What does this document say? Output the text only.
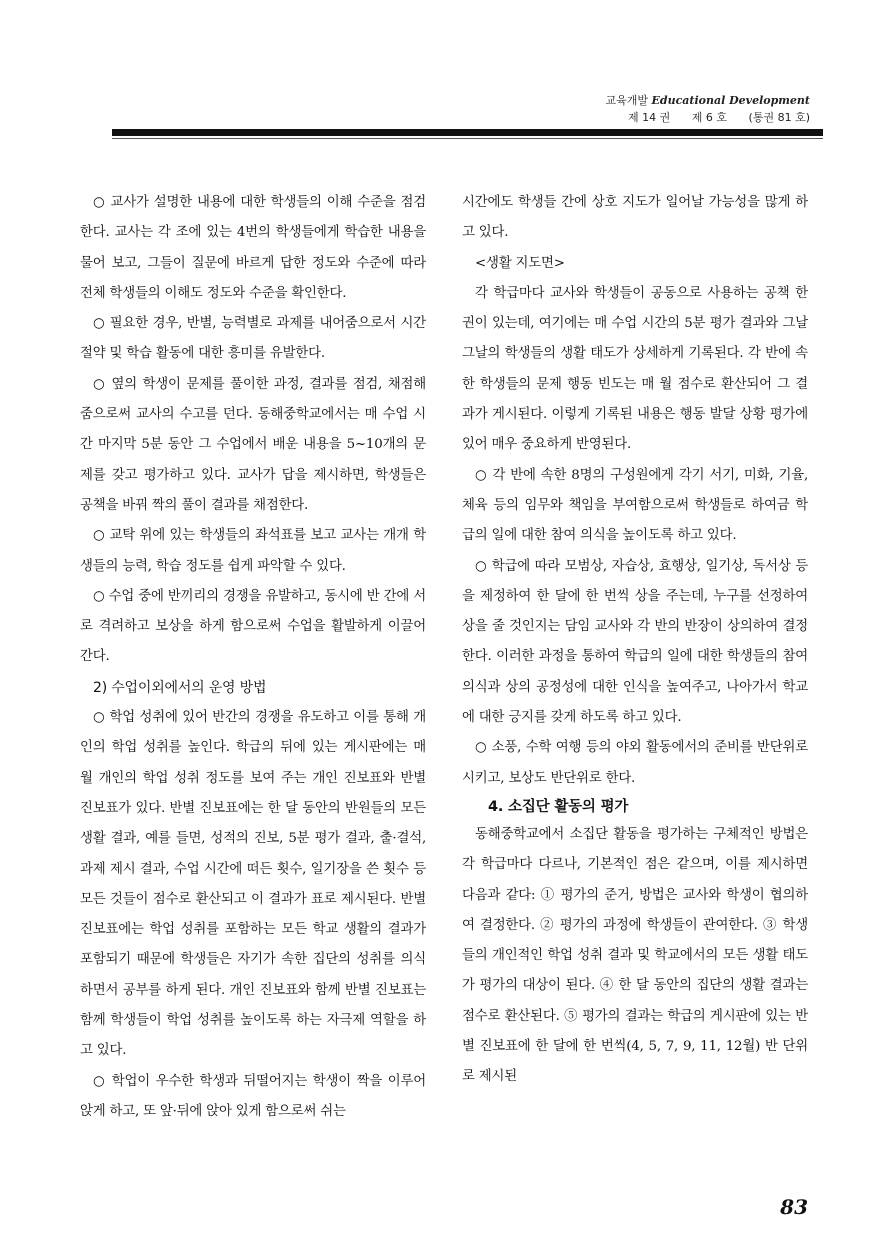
교육개발 Educational Development
제 14 권 제 6 호 (통권 81 호)

○ 교사가 설명한 내용에 대한 학생들의 이해 수준을 점검한다. 교사는 각 조에 있는 4번의 학생들에게 학습한 내용을 물어 보고, 그들이 질문에 바르게 답한 정도와 수준에 따라 전체 학생들의 이해도 정도와 수준을 확인한다.

○ 필요한 경우, 반별, 능력별로 과제를 내어줌으로서 시간 절약 및 학습 활동에 대한 흥미를 유발한다.

○ 옆의 학생이 문제를 풀이한 과정, 결과를 점검, 채점해 줌으로써 교사의 수고를 던다. 동해중학교에서는 매 수업 시간 마지막 5분 동안 그 수업에서 배운 내용을 5~10개의 문제를 갖고 평가하고 있다. 교사가 답을 제시하면, 학생들은 공책을 바꿔 짝의 풀이 결과를 채점한다.

○ 교탁 위에 있는 학생들의 좌석표를 보고 교사는 개개 학생들의 능력, 학습 정도를 쉽게 파악할 수 있다.

○ 수업 중에 반끼리의 경쟁을 유발하고, 동시에 반 간에 서로 격려하고 보상을 하게 함으로써 수업을 활발하게 이끌어 간다.

2) 수업이외에서의 운영 방법

○ 학업 성취에 있어 반간의 경쟁을 유도하고 이를 통해 개인의 학업 성취를 높인다. 학급의 뒤에 있는 게시판에는 매 월 개인의 학업 성취 정도를 보여 주는 개인 진보표와 반별 진보표가 있다. 반별 진보표에는 한 달 동안의 반원들의 모든 생활 결과, 예를 들면, 성적의 진보, 5분 평가 결과, 출·결석, 과제 제시 결과, 수업 시간에 떠든 횟수, 일기장을 쓴 횟수 등 모든 것들이 점수로 환산되고 이 결과가 표로 제시된다. 반별 진보표에는 학업 성취를 포함하는 모든 학교 생활의 결과가 포함되기 때문에 학생들은 자기가 속한 집단의 성취를 의식하면서 공부를 하게 된다. 개인 진보표와 함께 반별 진보표는 함께 학생들이 학업 성취를 높이도록 하는 자극제 역할을 하고 있다.

○ 학업이 우수한 학생과 뒤떨어지는 학생이 짝을 이루어 앉게 하고, 또 앞·뒤에 앉아 있게 함으로써 쉬는

시간에도 학생들 간에 상호 지도가 일어날 가능성을 많게 하고 있다.

<생활 지도면>

각 학급마다 교사와 학생들이 공동으로 사용하는 공책 한 권이 있는데, 여기에는 매 수업 시간의 5분 평가 결과와 그날 그날의 학생들의 생활 태도가 상세하게 기록된다. 각 반에 속한 학생들의 문제 행동 빈도는 매 월 점수로 환산되어 그 결과가 게시된다. 이렇게 기록된 내용은 행동 발달 상황 평가에 있어 매우 중요하게 반영된다.

○ 각 반에 속한 8명의 구성원에게 각기 서기, 미화, 기율, 체육 등의 임무와 책임을 부여함으로써 학생들로 하여금 학급의 일에 대한 참여 의식을 높이도록 하고 있다.

○ 학급에 따라 모범상, 자습상, 효행상, 일기상, 독서상 등을 제정하여 한 달에 한 번씩 상을 주는데, 누구를 선정하여 상을 줄 것인지는 담임 교사와 각 반의 반장이 상의하여 결정한다. 이러한 과정을 통하여 학급의 일에 대한 학생들의 참여 의식과 상의 공정성에 대한 인식을 높여주고, 나아가서 학교에 대한 긍지를 갖게 하도록 하고 있다.

○ 소풍, 수학 여행 등의 야외 활동에서의 준비를 반단위로 시키고, 보상도 반단위로 한다.

4. 소집단 활동의 평가

동해중학교에서 소집단 활동을 평가하는 구체적인 방법은 각 학급마다 다르나, 기본적인 점은 같으며, 이를 제시하면 다음과 같다: ① 평가의 준거, 방법은 교사와 학생이 협의하여 결정한다. ② 평가의 과정에 학생들이 관여한다. ③ 학생들의 개인적인 학업 성취 결과 및 학교에서의 모든 생활 태도가 평가의 대상이 된다. ④ 한 달 동안의 집단의 생활 결과는 점수로 환산된다. ⑤ 평가의 결과는 학급의 게시판에 있는 반별 진보표에 한 달에 한 번씩(4, 5, 7, 9, 11, 12월) 반 단위로 제시된

83
